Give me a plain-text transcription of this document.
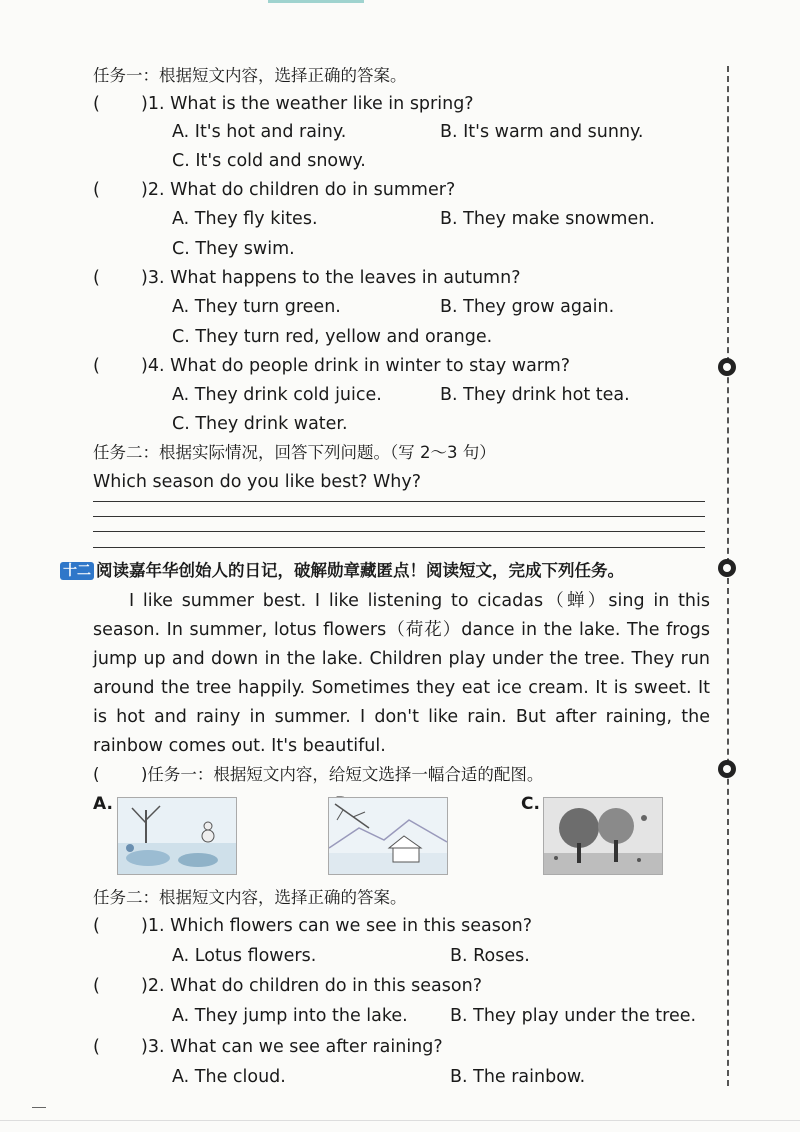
任务一：根据短文内容，选择正确的答案。
( )1. What is the weather like in spring?
A. It's hot and rainy.	B. It's warm and sunny.
C. It's cold and snowy.
( )2. What do children do in summer?
A. They fly kites.	B. They make snowmen.
C. They swim.
( )3. What happens to the leaves in autumn?
A. They turn green.	B. They grow again.
C. They turn red, yellow and orange.
( )4. What do people drink in winter to stay warm?
A. They drink cold juice.	B. They drink hot tea.
C. They drink water.
任务二：根据实际情况，回答下列问题。（写 2～3 句）
Which season do you like best? Why?
十二 阅读嘉年华创始人的日记，破解勋章藏匿点！阅读短文，完成下列任务。
I like summer best. I like listening to cicadas（蝉）sing in this season. In summer, lotus flowers（荷花）dance in the lake. The frogs jump up and down in the lake. Children play under the tree. They run around the tree happily. Sometimes they eat ice cream. It is sweet. It is hot and rainy in summer. I don't like rain. But after raining, the rainbow comes out. It's beautiful.
(	)任务一：根据短文内容，给短文选择一幅合适的配图。
A.	C.
任务二：根据短文内容，选择正确的答案。
( )1. Which flowers can we see in this season?
A. Lotus flowers.	B. Roses.
( )2. What do children do in this season?
A. They jump into the lake. B. They play under the tree.
( )3. What can we see after raining?
A. The cloud.	B. The rainbow.
